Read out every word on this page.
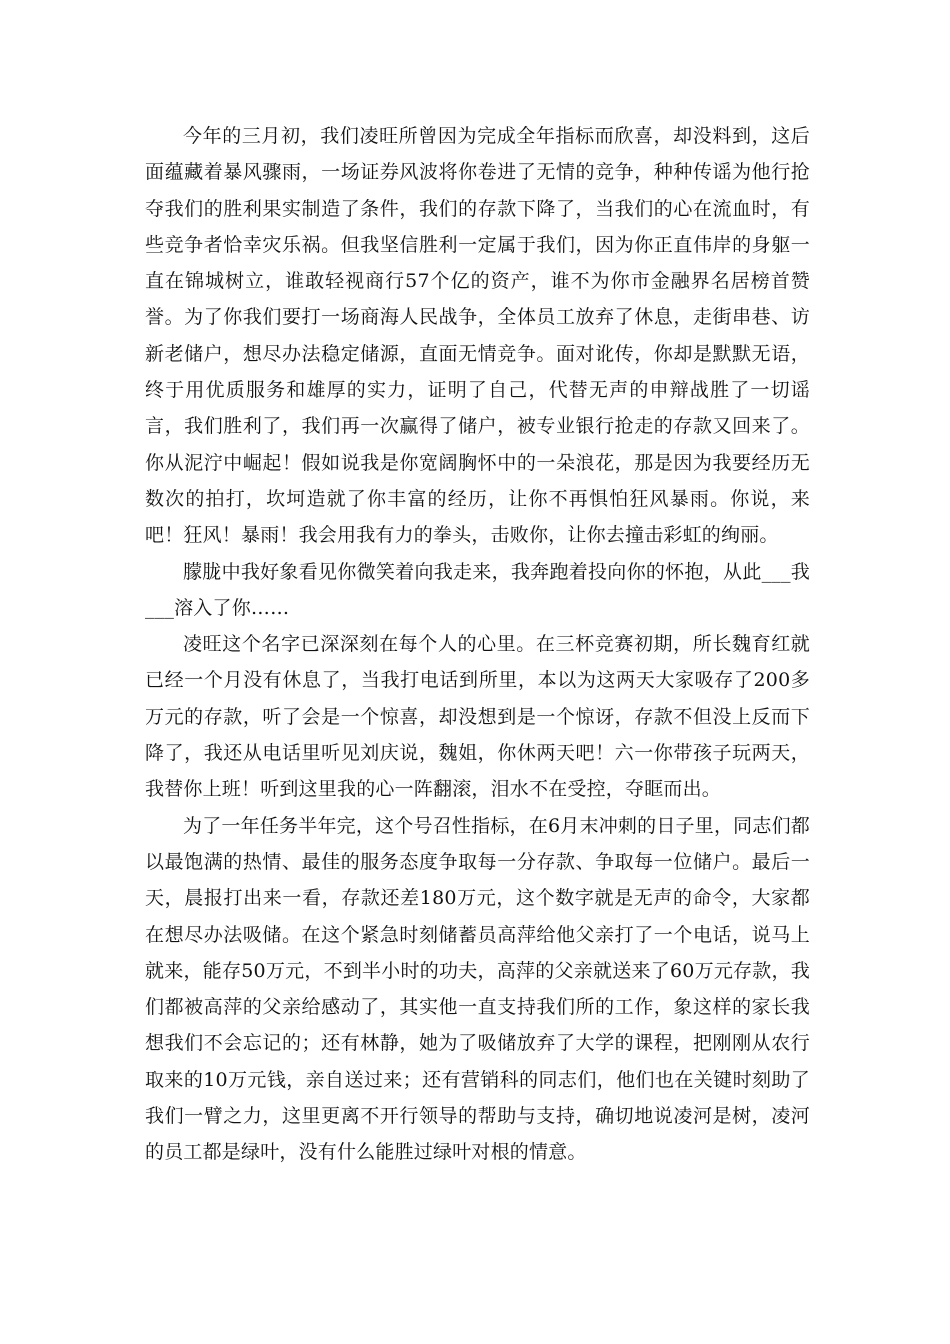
今年的三月初，我们凌旺所曾因为完成全年指标而欣喜，却没料到，这后面蕴藏着暴风骤雨，一场证券风波将你卷进了无情的竞争，种种传谣为他行抢夺我们的胜利果实制造了条件，我们的存款下降了，当我们的心在流血时，有些竞争者恰幸灾乐祸。但我坚信胜利一定属于我们，因为你正直伟岸的身躯一直在锦城树立，谁敢轻视商行57个亿的资产，谁不为你市金融界名居榜首赞誉。为了你我们要打一场商海人民战争，全体员工放弃了休息，走街串巷、访新老储户，想尽办法稳定储源，直面无情竞争。面对讹传，你却是默默无语，终于用优质服务和雄厚的实力，证明了自己，代替无声的申辩战胜了一切谣言，我们胜利了，我们再一次赢得了储户，被专业银行抢走的存款又回来了。你从泥泞中崛起！假如说我是你宽阔胸怀中的一朵浪花，那是因为我要经历无数次的拍打，坎坷造就了你丰富的经历，让你不再惧怕狂风暴雨。你说，来吧！狂风！暴雨！我会用我有力的拳头，击败你，让你去撞击彩虹的绚丽。

朦胧中我好象看见你微笑着向我走来，我奔跑着投向你的怀抱，从此___我___溶入了你……

凌旺这个名字已深深刻在每个人的心里。在三杯竞赛初期，所长魏育红就已经一个月没有休息了，当我打电话到所里，本以为这两天大家吸存了200多万元的存款，听了会是一个惊喜，却没想到是一个惊讶，存款不但没上反而下降了，我还从电话里听见刘庆说，魏姐，你休两天吧！六一你带孩子玩两天，我替你上班！听到这里我的心一阵翻滚，泪水不在受控，夺眶而出。

为了一年任务半年完，这个号召性指标，在6月末冲刺的日子里，同志们都以最饱满的热情、最佳的服务态度争取每一分存款、争取每一位储户。最后一天，晨报打出来一看，存款还差180万元，这个数字就是无声的命令，大家都在想尽办法吸储。在这个紧急时刻储蓄员高萍给他父亲打了一个电话，说马上就来，能存50万元，不到半小时的功夫，高萍的父亲就送来了60万元存款，我们都被高萍的父亲给感动了，其实他一直支持我们所的工作，象这样的家长我想我们不会忘记的；还有林静，她为了吸储放弃了大学的课程，把刚刚从农行取来的10万元钱，亲自送过来；还有营销科的同志们，他们也在关键时刻助了我们一臂之力，这里更离不开行领导的帮助与支持，确切地说凌河是树，凌河的员工都是绿叶，没有什么能胜过绿叶对根的情意。
